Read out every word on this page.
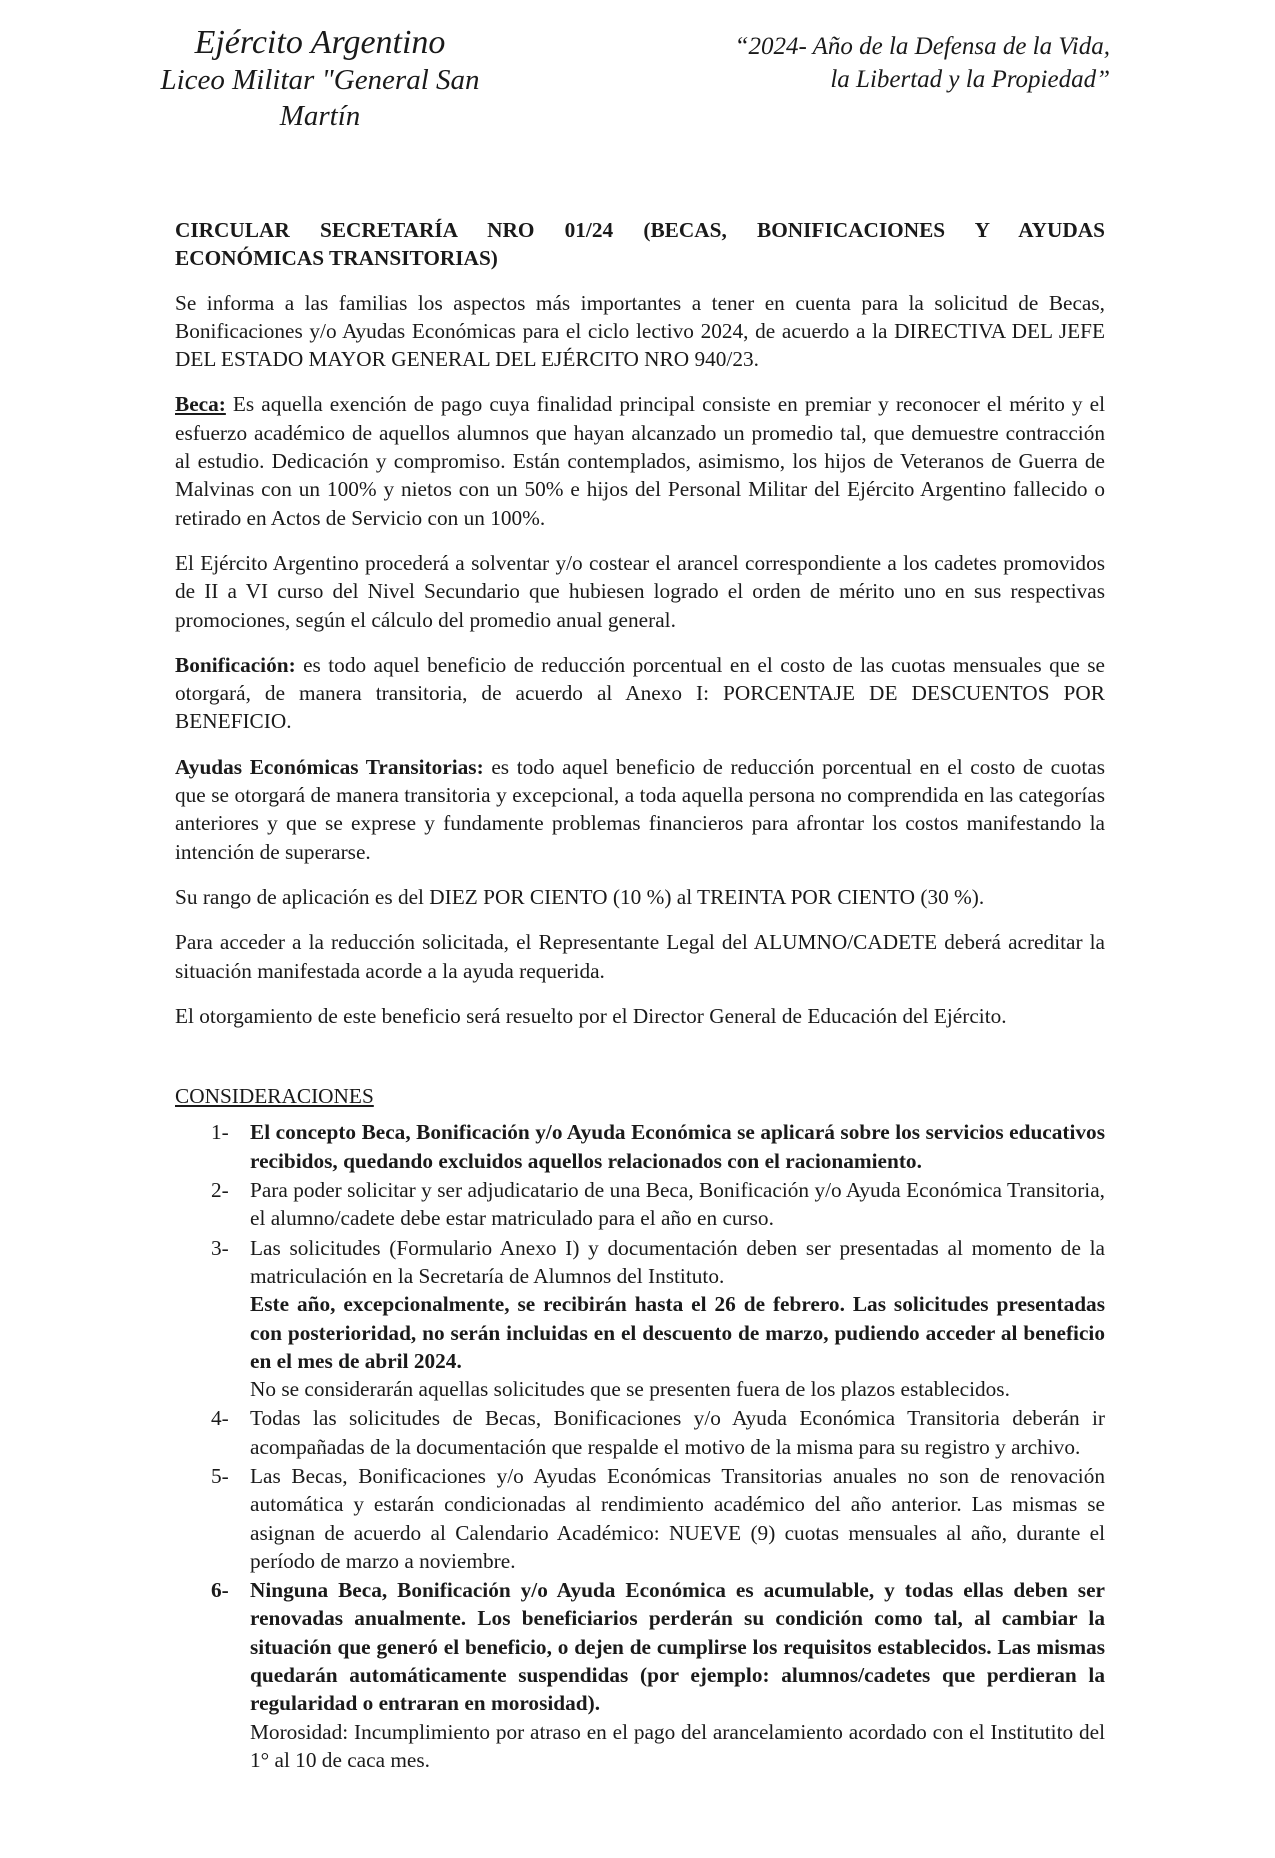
Ejército Argentino
Liceo Militar "General San Martín
“2024- Año de la Defensa de la Vida,
la Libertad y la Propiedad”
CIRCULAR SECRETARÍA NRO 01/24 (BECAS, BONIFICACIONES Y AYUDAS
ECONÓMICAS TRANSITORIAS)

Se informa a las familias los aspectos más importantes a tener en cuenta para la solicitud de Becas, Bonificaciones y/o Ayudas Económicas para el ciclo lectivo 2024, de acuerdo a la DIRECTIVA DEL JEFE DEL ESTADO MAYOR GENERAL DEL EJÉRCITO NRO 940/23.

Beca: Es aquella exención de pago cuya finalidad principal consiste en premiar y reconocer el mérito y el esfuerzo académico de aquellos alumnos que hayan alcanzado un promedio tal, que demuestre contracción al estudio. Dedicación y compromiso. Están contemplados, asimismo, los hijos de Veteranos de Guerra de Malvinas con un 100% y nietos con un 50% e hijos del Personal Militar del Ejército Argentino fallecido o retirado en Actos de Servicio con un 100%.

El Ejército Argentino procederá a solventar y/o costear el arancel correspondiente a los cadetes promovidos de II a VI curso del Nivel Secundario que hubiesen logrado el orden de mérito uno en sus respectivas promociones, según el cálculo del promedio anual general.

Bonificación: es todo aquel beneficio de reducción porcentual en el costo de las cuotas mensuales que se otorgará, de manera transitoria, de acuerdo al Anexo I: PORCENTAJE DE DESCUENTOS POR BENEFICIO.

Ayudas Económicas Transitorias: es todo aquel beneficio de reducción porcentual en el costo de cuotas que se otorgará de manera transitoria y excepcional, a toda aquella persona no comprendida en las categorías anteriores y que se exprese y fundamente problemas financieros para afrontar los costos manifestando la intención de superarse.

Su rango de aplicación es del DIEZ POR CIENTO (10 %) al TREINTA POR CIENTO (30 %).

Para acceder a la reducción solicitada, el Representante Legal del ALUMNO/CADETE deberá acreditar la situación manifestada acorde a la ayuda requerida.

El otorgamiento de este beneficio será resuelto por el Director General de Educación del Ejército.

CONSIDERACIONES
1- El concepto Beca, Bonificación y/o Ayuda Económica se aplicará sobre los servicios educativos recibidos, quedando excluidos aquellos relacionados con el racionamiento.
2- Para poder solicitar y ser adjudicatario de una Beca, Bonificación y/o Ayuda Económica Transitoria, el alumno/cadete debe estar matriculado para el año en curso.
3- Las solicitudes (Formulario Anexo I) y documentación deben ser presentadas al momento de la matriculación en la Secretaría de Alumnos del Instituto.
Este año, excepcionalmente, se recibirán hasta el 26 de febrero. Las solicitudes presentadas con posterioridad, no serán incluidas en el descuento de marzo, pudiendo acceder al beneficio en el mes de abril 2024.
No se considerarán aquellas solicitudes que se presenten fuera de los plazos establecidos.
4- Todas las solicitudes de Becas, Bonificaciones y/o Ayuda Económica Transitoria deberán ir acompañadas de la documentación que respalde el motivo de la misma para su registro y archivo.
5- Las Becas, Bonificaciones y/o Ayudas Económicas Transitorias anuales no son de renovación automática y estarán condicionadas al rendimiento académico del año anterior. Las mismas se asignan de acuerdo al Calendario Académico: NUEVE (9) cuotas mensuales al año, durante el período de marzo a noviembre.
6- Ninguna Beca, Bonificación y/o Ayuda Económica es acumulable, y todas ellas deben ser renovadas anualmente. Los beneficiarios perderán su condición como tal, al cambiar la situación que generó el beneficio, o dejen de cumplirse los requisitos establecidos. Las mismas quedarán automáticamente suspendidas (por ejemplo: alumnos/cadetes que perdieran la regularidad o entraran en morosidad).
Morosidad: Incumplimiento por atraso en el pago del arancelamiento acordado con el Institutito del 1° al 10 de caca mes.
